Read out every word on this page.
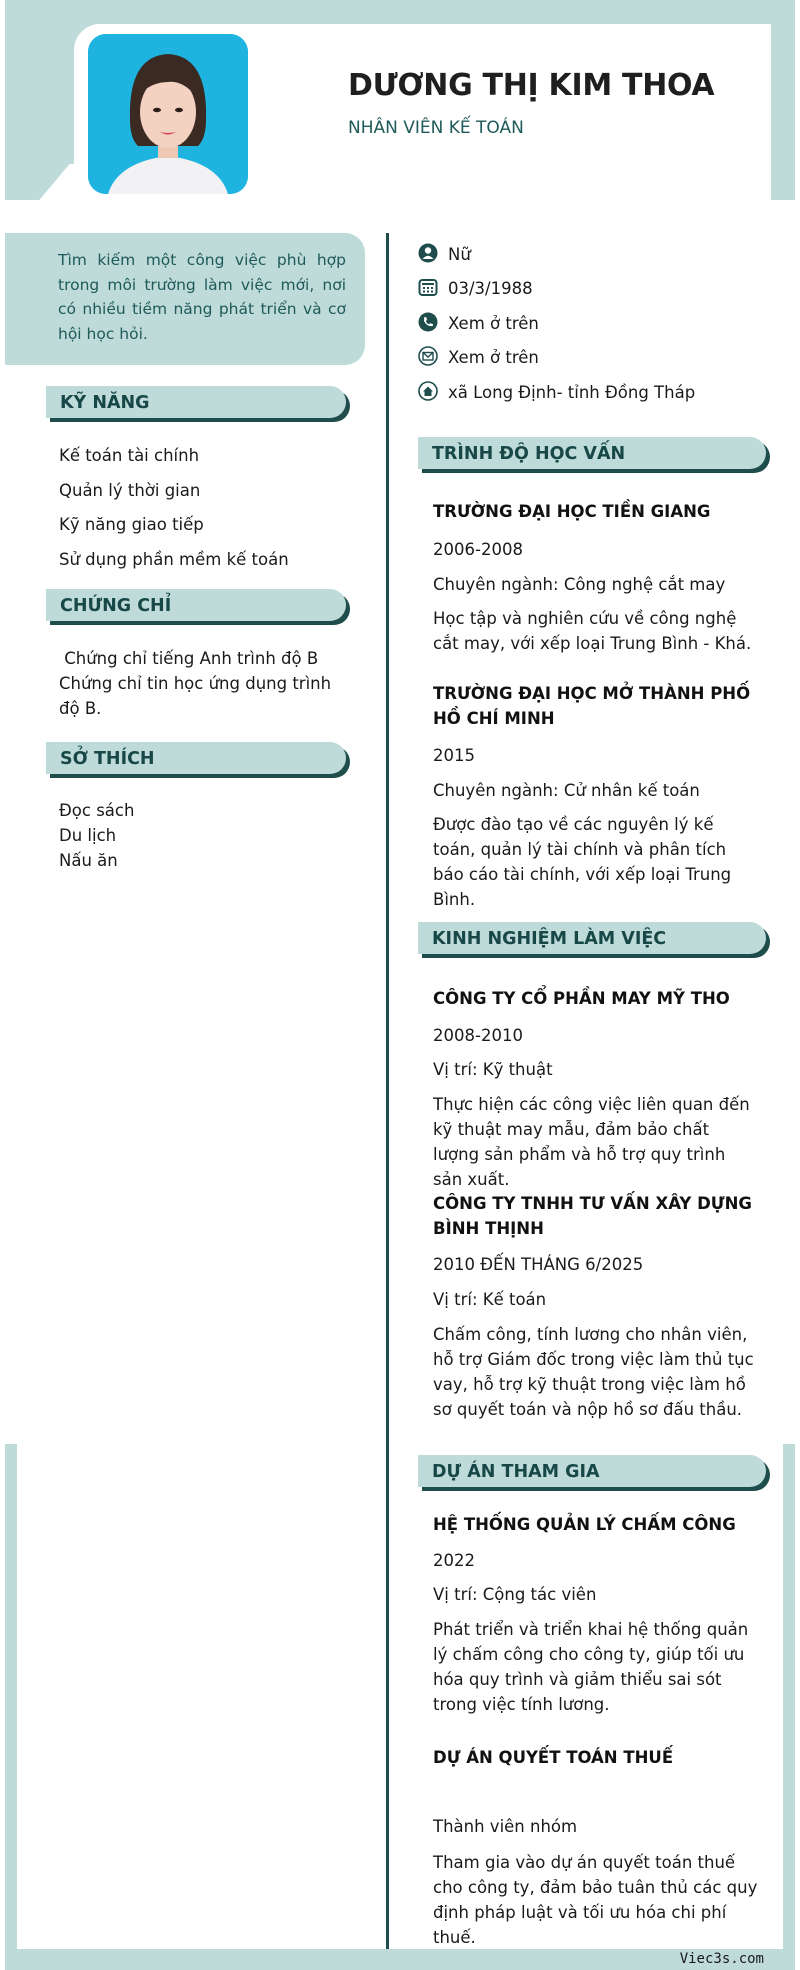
DƯƠNG THỊ KIM THOA
NHÂN VIÊN KẾ TOÁN
Viec3s.com
Tìm kiếm một công việc phù hợp trong môi trường làm việc mới, nơi có nhiều tiềm năng phát triển và cơ hội học hỏi.
KỸ NĂNG
Kế toán tài chính
Quản lý thời gian
Kỹ năng giao tiếp
Sử dụng phần mềm kế toán
CHỨNG CHỈ
Chứng chỉ tiếng Anh trình độ B
Chứng chỉ tin học ứng dụng trình độ B.
SỞ THÍCH
Đọc sách
Du lịch
Nấu ăn
Nữ
03/3/1988
Xem ở trên
Xem ở trên
xã Long Định- tỉnh Đồng Tháp
TRÌNH ĐỘ HỌC VẤN
TRƯỜNG ĐẠI HỌC TIỀN GIANG
2006-2008
Chuyên ngành: Công nghệ cắt may
Học tập và nghiên cứu về công nghệ cắt may, với xếp loại Trung Bình - Khá.
TRƯỜNG ĐẠI HỌC MỞ THÀNH PHỐ HỒ CHÍ MINH
2015
Chuyên ngành: Cử nhân kế toán
Được đào tạo về các nguyên lý kế toán, quản lý tài chính và phân tích báo cáo tài chính, với xếp loại Trung Bình.
KINH NGHIỆM LÀM VIỆC
CÔNG TY CỔ PHẦN MAY MỸ THO
2008-2010
Vị trí: Kỹ thuật
Thực hiện các công việc liên quan đến kỹ thuật may mẫu, đảm bảo chất lượng sản phẩm và hỗ trợ quy trình sản xuất.
CÔNG TY TNHH TƯ VẤN XÂY DỰNG BÌNH THỊNH
2010 ĐẾN THÁNG 6/2025
Vị trí: Kế toán
Chấm công, tính lương cho nhân viên, hỗ trợ Giám đốc trong việc làm thủ tục vay, hỗ trợ kỹ thuật trong việc làm hồ sơ quyết toán và nộp hồ sơ đấu thầu.
DỰ ÁN THAM GIA
HỆ THỐNG QUẢN LÝ CHẤM CÔNG
2022
Vị trí: Cộng tác viên
Phát triển và triển khai hệ thống quản lý chấm công cho công ty, giúp tối ưu hóa quy trình và giảm thiểu sai sót trong việc tính lương.
DỰ ÁN QUYẾT TOÁN THUẾ
Thành viên nhóm
Tham gia vào dự án quyết toán thuế cho công ty, đảm bảo tuân thủ các quy định pháp luật và tối ưu hóa chi phí thuế.
